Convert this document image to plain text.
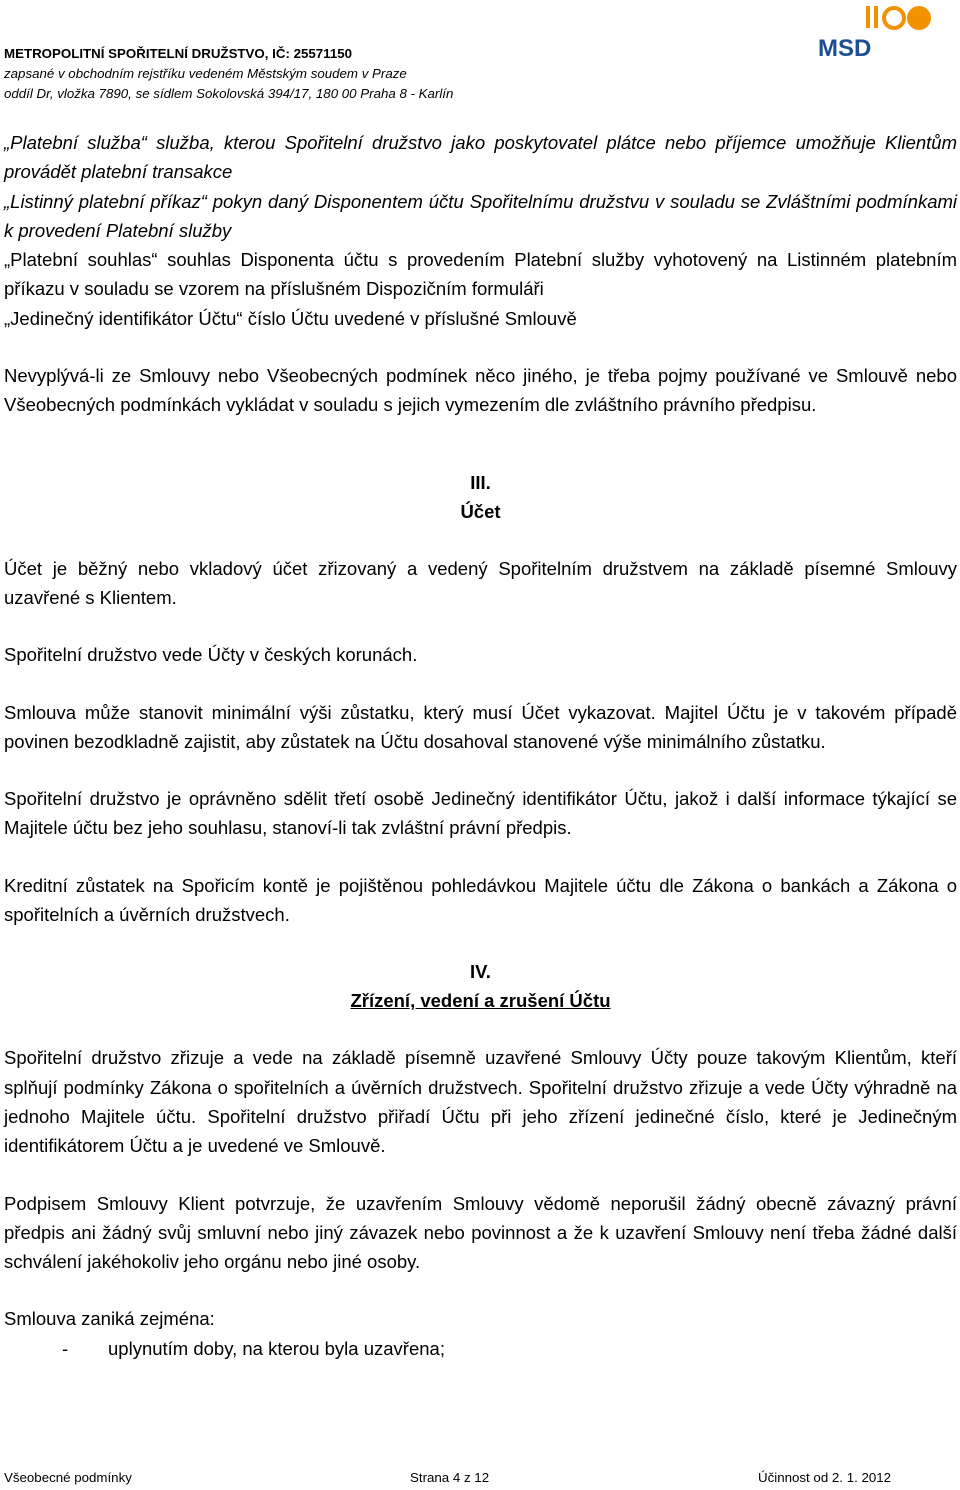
METROPOLITNÍ SPOŘITELNÍ DRUŽSTVO, IČ: 25571150
zapsané v obchodním rejstříku vedeném Městským soudem v Praze
oddíl Dr, vložka 7890, se sídlem Sokolovská 394/17, 180 00 Praha 8 - Karlín
MSD

„Platební služba“ služba, kterou Spořitelní družstvo jako poskytovatel plátce nebo příjemce umožňuje Klientům provádět platební transakce

„Listinný platební příkaz“ pokyn daný Disponentem účtu Spořitelnímu družstvu v souladu se Zvláštními podmínkami k provedení Platební služby

„Platební souhlas“ souhlas Disponenta účtu s provedením Platební služby vyhotovený na Listinném platebním příkazu v souladu se vzorem na příslušném Dispozičním formuláři

„Jedinečný identifikátor Účtu“ číslo Účtu uvedené v příslušné Smlouvě

Nevyplývá-li ze Smlouvy nebo Všeobecných podmínek něco jiného, je třeba pojmy používané ve Smlouvě nebo Všeobecných podmínkách vykládat v souladu s jejich vymezením dle zvláštního právního předpisu.

III.

Účet

Účet je běžný nebo vkladový účet zřizovaný a vedený Spořitelním družstvem na základě písemné Smlouvy uzavřené s Klientem.

Spořitelní družstvo vede Účty v českých korunách.

Smlouva může stanovit minimální výši zůstatku, který musí Účet vykazovat. Majitel Účtu je v takovém případě povinen bezodkladně zajistit, aby zůstatek na Účtu dosahoval stanovené výše minimálního zůstatku.

Spořitelní družstvo je oprávněno sdělit třetí osobě Jedinečný identifikátor Účtu, jakož i další informace týkající se Majitele účtu bez jeho souhlasu, stanoví-li tak zvláštní právní předpis.

Kreditní zůstatek na Spořicím kontě je pojištěnou pohledávkou Majitele účtu dle Zákona o bankách a Zákona o spořitelních a úvěrních družstvech.

IV.

Zřízení, vedení a zrušení Účtu

Spořitelní družstvo zřizuje a vede na základě písemně uzavřené Smlouvy Účty pouze takovým Klientům, kteří splňují podmínky Zákona o spořitelních a úvěrních družstvech. Spořitelní družstvo zřizuje a vede Účty výhradně na jednoho Majitele účtu. Spořitelní družstvo přiřadí Účtu při jeho zřízení jedinečné číslo, které je Jedinečným identifikátorem Účtu a je uvedené ve Smlouvě.

Podpisem Smlouvy Klient potvrzuje, že uzavřením Smlouvy vědomě neporušil žádný obecně závazný právní předpis ani žádný svůj smluvní nebo jiný závazek nebo povinnost a že k uzavření Smlouvy není třeba žádné další schválení jakéhokoliv jeho orgánu nebo jiné osoby.

Smlouva zaniká zejména:

-	uplynutím doby, na kterou byla uzavřena;
Všeobecné podmínky	Strana 4 z 12	Účinnost od 2. 1. 2012
